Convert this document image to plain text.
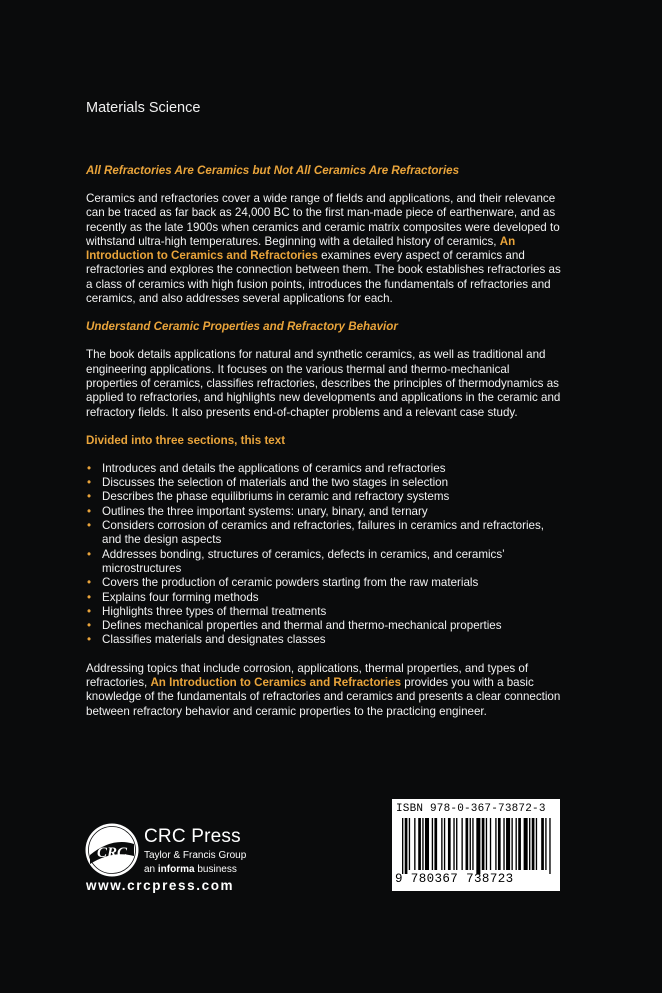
Materials Science
All Refractories Are Ceramics but Not All Ceramics Are Refractories

Ceramics and refractories cover a wide range of fields and applications, and their relevance can be traced as far back as 24,000 BC to the first man-made piece of earthenware, and as recently as the late 1900s when ceramics and ceramic matrix composites were developed to withstand ultra-high temperatures. Beginning with a detailed history of ceramics, An Introduction to Ceramics and Refractories examines every aspect of ceramics and refractories and explores the connection between them. The book establishes refractories as a class of ceramics with high fusion points, introduces the fundamentals of refractories and ceramics, and also addresses several applications for each.

Understand Ceramic Properties and Refractory Behavior

The book details applications for natural and synthetic ceramics, as well as traditional and engineering applications. It focuses on the various thermal and thermo-mechanical properties of ceramics, classifies refractories, describes the principles of thermodynamics as applied to refractories, and highlights new developments and applications in the ceramic and refractory fields. It also presents end-of-chapter problems and a relevant case study.

Divided into three sections, this text
• Introduces and details the applications of ceramics and refractories
• Discusses the selection of materials and the two stages in selection
• Describes the phase equilibriums in ceramic and refractory systems
• Outlines the three important systems: unary, binary, and ternary
• Considers corrosion of ceramics and refractories, failures in ceramics and refractories, and the design aspects
• Addresses bonding, structures of ceramics, defects in ceramics, and ceramics’ microstructures
• Covers the production of ceramic powders starting from the raw materials
• Explains four forming methods
• Highlights three types of thermal treatments
• Defines mechanical properties and thermal and thermo-mechanical properties
• Classifies materials and designates classes

Addressing topics that include corrosion, applications, thermal properties, and types of refractories, An Introduction to Ceramics and Refractories provides you with a basic knowledge of the fundamentals of refractories and ceramics and presents a clear connection between refractory behavior and ceramic properties to the practicing engineer.

CRC
CRC Press
Taylor & Francis Group
an informa business
www.crcpress.com
ISBN 978-0-367-73872-3
9 780367 738723
